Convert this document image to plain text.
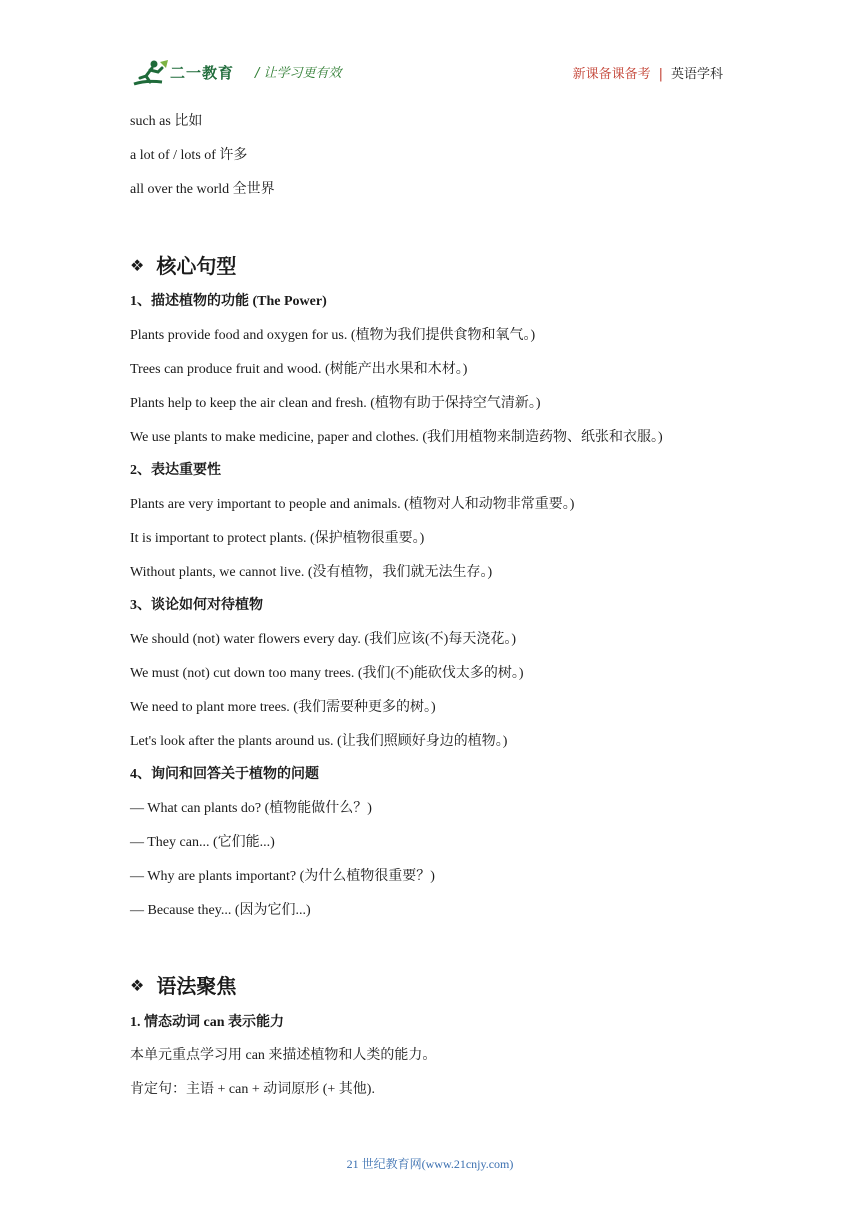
二一教育 / 让学习更有效	新课备课备考 | 英语学科
such as 比如
a lot of / lots of 许多
all over the world 全世界
❖ 核心句型
1、描述植物的功能 (The Power)
Plants provide food and oxygen for us. (植物为我们提供食物和氧气。)
Trees can produce fruit and wood. (树能产出水果和木材。)
Plants help to keep the air clean and fresh. (植物有助于保持空气清新。)
We use plants to make medicine, paper and clothes. (我们用植物来制造药物、纸张和衣服。)
2、表达重要性
Plants are very important to people and animals. (植物对人和动物非常重要。)
It is important to protect plants. (保护植物很重要。)
Without plants, we cannot live. (没有植物，我们就无法生存。)
3、谈论如何对待植物
We should (not) water flowers every day. (我们应该(不)每天浇花。)
We must (not) cut down too many trees. (我们(不)能砍伐太多的树。)
We need to plant more trees. (我们需要种更多的树。)
Let's look after the plants around us. (让我们照顾好身边的植物。)
4、询问和回答关于植物的问题
— What can plants do? (植物能做什么？)
— They can... (它们能...)
— Why are plants important? (为什么植物很重要？)
— Because they... (因为它们...)
❖ 语法聚焦
1. 情态动词 can 表示能力
本单元重点学习用 can 来描述植物和人类的能力。
肯定句：主语 + can + 动词原形 (+ 其他).
21 世纪教育网(www.21cnjy.com)
